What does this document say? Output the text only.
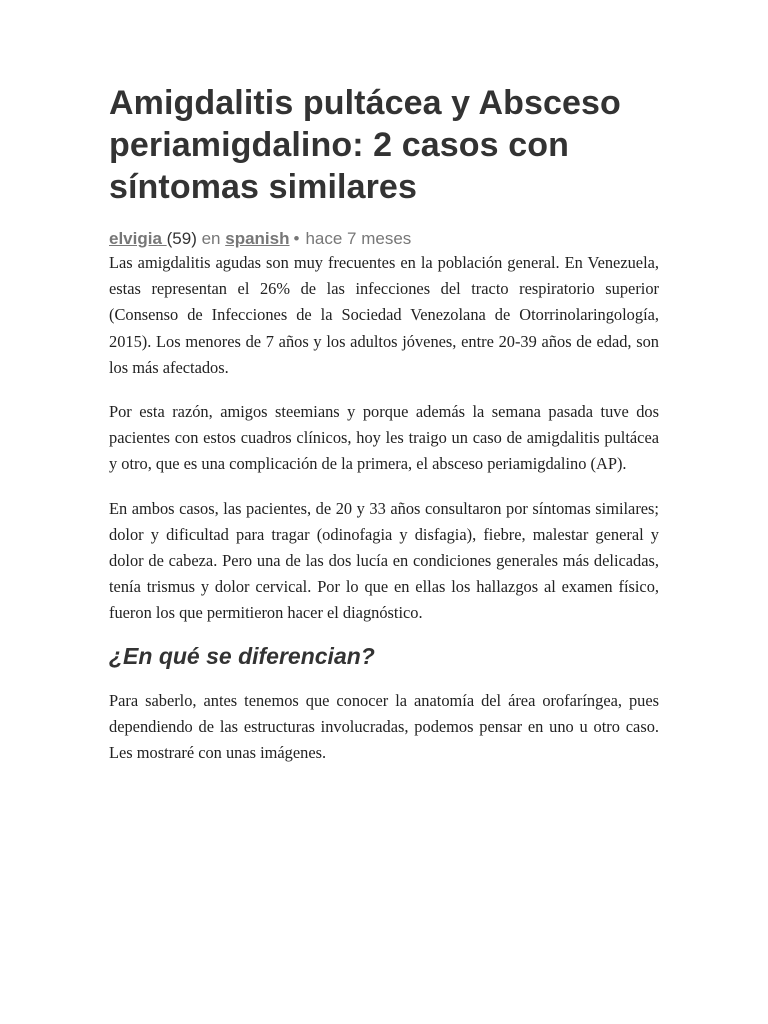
Amigdalitis pultácea y Absceso periamigdalino: 2 casos con síntomas similares
elvigia (59) en spanish • hace 7 meses

Las amigdalitis agudas son muy frecuentes en la población general. En Venezuela, estas representan el 26% de las infecciones del tracto respiratorio superior (Consenso de Infecciones de la Sociedad Venezolana de Otorrinolaringología, 2015). Los menores de 7 años y los adultos jóvenes, entre 20-39 años de edad, son los más afectados.

Por esta razón, amigos steemians y porque además la semana pasada tuve dos pacientes con estos cuadros clínicos, hoy les traigo un caso de amigdalitis pultácea y otro, que es una complicación de la primera, el absceso periamigdalino (AP).

En ambos casos, las pacientes, de 20 y 33 años consultaron por síntomas similares; dolor y dificultad para tragar (odinofagia y disfagia), fiebre, malestar general y dolor de cabeza. Pero una de las dos lucía en condiciones generales más delicadas, tenía trismus y dolor cervical. Por lo que en ellas los hallazgos al examen físico, fueron los que permitieron hacer el diagnóstico.

¿En qué se diferencian?

Para saberlo, antes tenemos que conocer la anatomía del área orofaríngea, pues dependiendo de las estructuras involucradas, podemos pensar en uno u otro caso. Les mostraré con unas imágenes.
